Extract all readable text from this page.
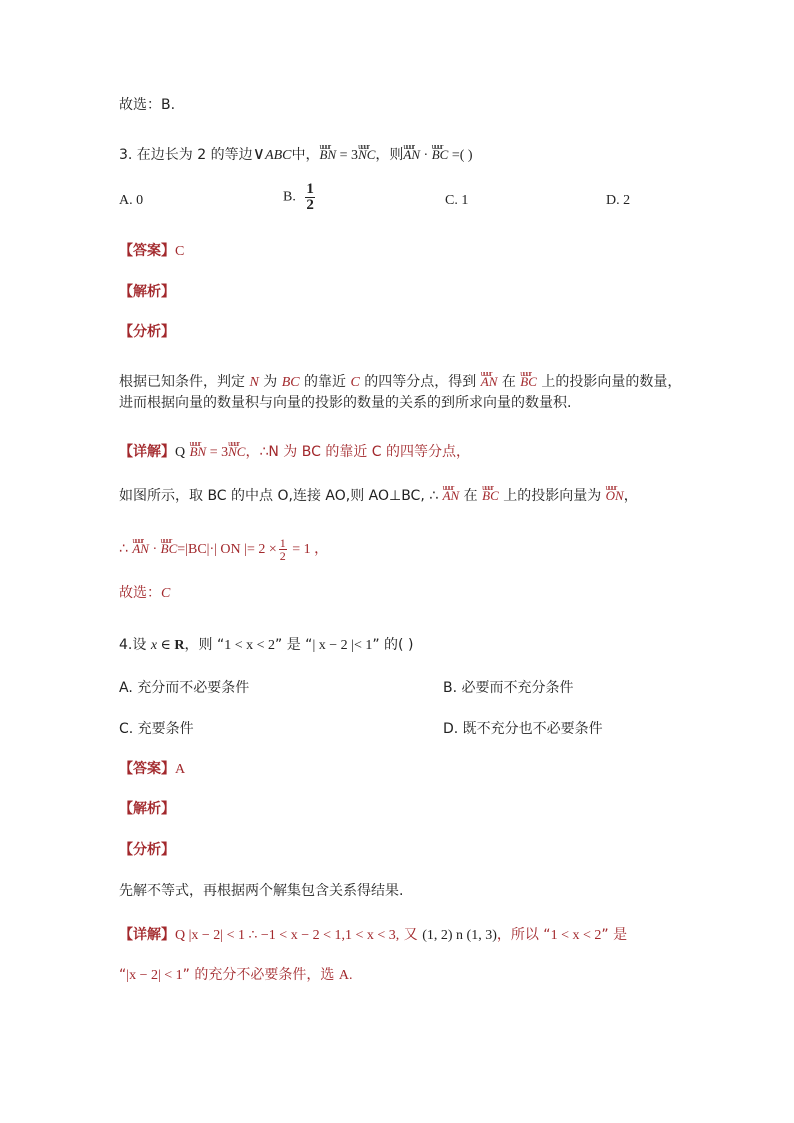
故选：B.
3. 在边长为 2 的等边∨ABC中，uuur BN = 3uuur NC，则uuur AN · uuur BC =( )
A. 0	B. $\frac{1}{2}$	C. 1	D. 2
【答案】C
【解析】
【分析】
根据已知条件，判定 N 为 BC 的靠近 C 的四等分点，得到 uuur AN 在 uuur BC 上的投影向量的数量，
进而根据向量的数量积与向量的投影的数量的关系的到所求向量的数量积.
【详解】Q uuur BN = 3uuur NC，∴N 为 BC 的靠近 C 的四等分点，
如图所示，取 BC 的中点 O,连接 AO,则 AO⊥BC, ∴ uuur AN 在 uuur BC 上的投影向量为 uuur ON，
∴ uuur AN · uuur BC=|BC|·| ON |= $2 \times \frac{1}{2} = 1$ ，
故选：C
4.设 x ∈ R，则 “1 < x < 2” 是 “| x − 2 |< 1” 的( )
A. 充分而不必要条件	B. 必要而不充分条件
C. 充要条件	D. 既不充分也不必要条件
【答案】A
【解析】
【分析】
先解不等式，再根据两个解集包含关系得结果.
【详解】Q |x − 2| < 1 ∴ −1 < x − 2 < 1,1 < x < 3, 又 (1, 2) n (1, 3)，所以 “1 < x < 2” 是
“|x − 2| < 1” 的充分不必要条件，选 A.
